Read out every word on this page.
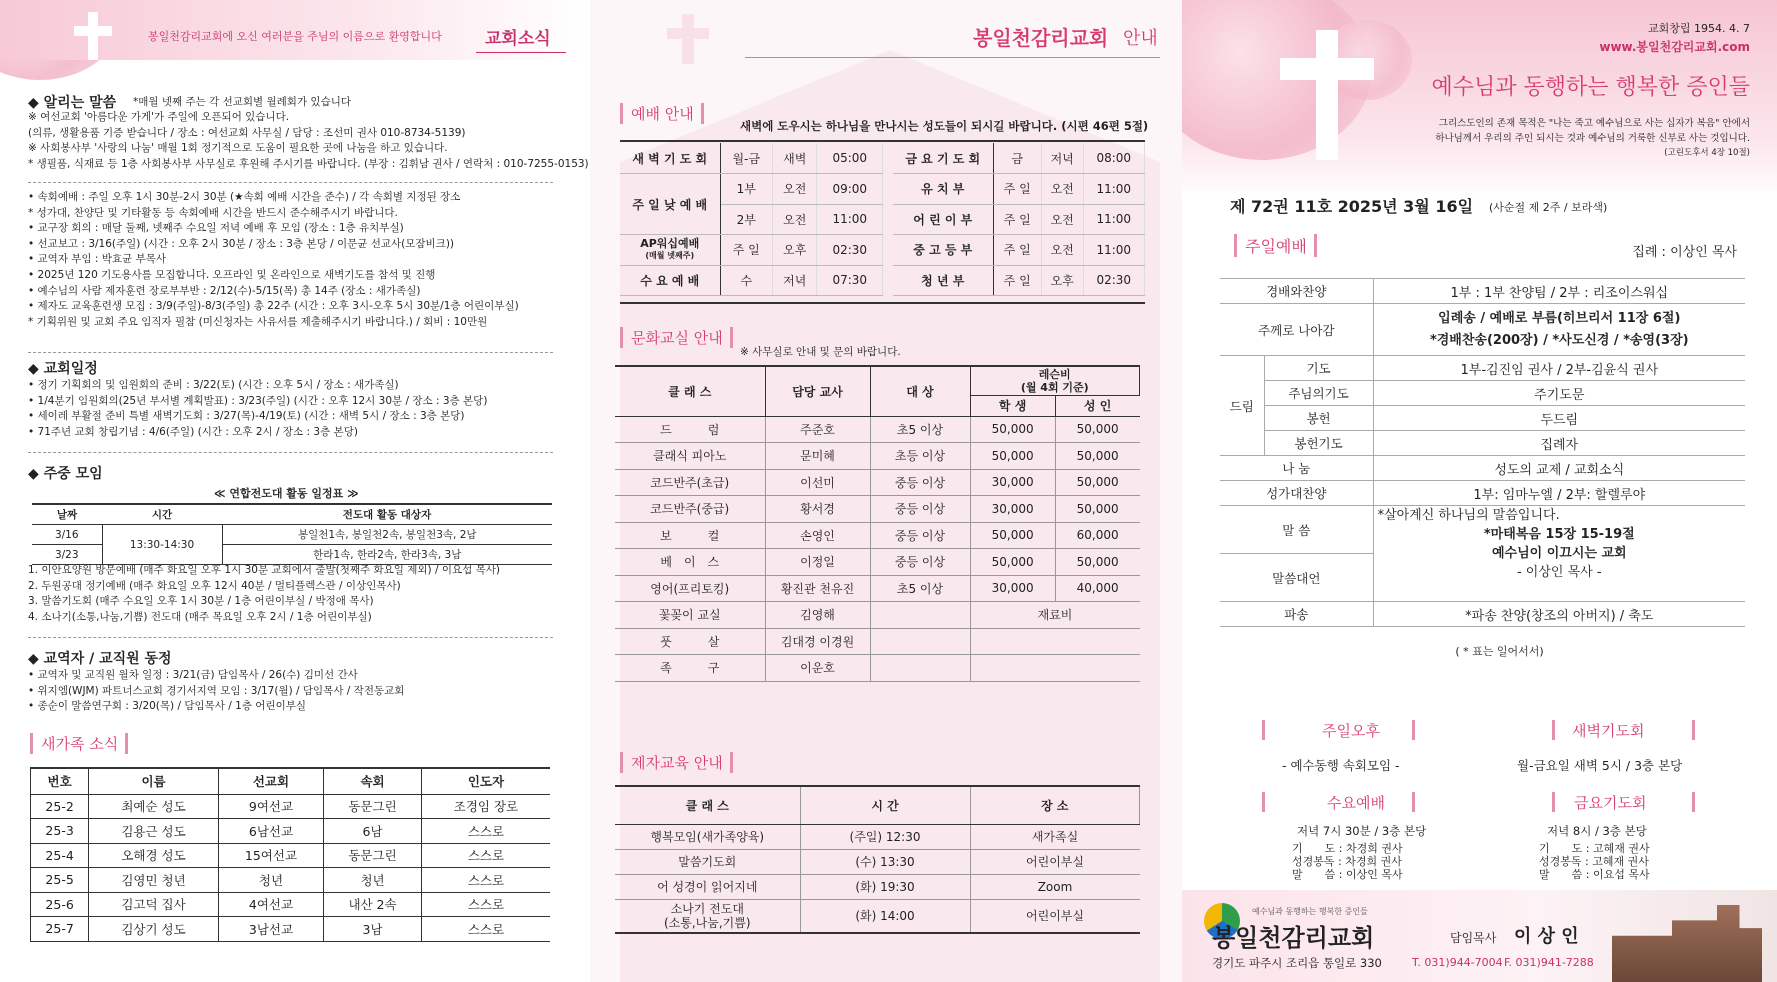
봉일천감리교회에 오신 여러분을 주님의 이름으로 환영합니다	교회소식
◆ 알리는 말씀 *매월 넷째 주는 각 선교회별 월례회가 있습니다
※ 여선교회 '아름다운 가게'가 주일에 오픈되어 있습니다.
(의류, 생활용품 기증 받습니다 / 장소 : 여선교회 사무실 / 담당 : 조선미 권사 010-8734-5139)
※ 사회봉사부 '사랑의 나눔' 매월 1회 정기적으로 도움이 필요한 곳에 나눔을 하고 있습니다.
* 생필품, 식재료 등 1층 사회봉사부 사무실로 후원해 주시기를 바랍니다. (부장 : 김휘남 권사 / 연락처 : 010-7255-0153)
• 속회예배 : 주일 오후 1시 30분-2시 30분 (★속회 예배 시간을 준수) / 각 속회별 지정된 장소
* 성가대, 찬양단 및 기타활동 등 속회예배 시간을 반드시 준수해주시기 바랍니다.
• 교구장 회의 : 매달 둘째, 넷째주 수요일 저녁 예배 후 모임 (장소 : 1층 유치부실)
• 선교보고 : 3/16(주일) (시간 : 오후 2시 30분 / 장소 : 3층 본당 / 이문균 선교사(모잠비크))
• 교역자 부임 : 박효균 부목사
• 2025년 120 기도용사를 모집합니다. 오프라인 및 온라인으로 새벽기도를 참석 및 진행
• 예수님의 사람 제자훈련 장로부부반 : 2/12(수)-5/15(목) 총 14주 (장소 : 새가족실)
• 제자도 교육훈련생 모집 : 3/9(주일)-8/3(주일) 총 22주 (시간 : 오후 3시-오후 5시 30분/1층 어린이부실)
* 기획위원 및 교회 주요 임직자 필참 (미신청자는 사유서를 제출해주시기 바랍니다.) / 회비 : 10만원
◆ 교회일정
• 정기 기획회의 및 임원회의 준비 : 3/22(토) (시간 : 오후 5시 / 장소 : 새가족실)
• 1/4분기 임원회의(25년 부서별 계획발표) : 3/23(주일) (시간 : 오후 12시 30분 / 장소 : 3층 본당)
• 세이레 부활절 준비 특별 새벽기도회 : 3/27(목)-4/19(토) (시간 : 새벽 5시 / 장소 : 3층 본당)
• 71주년 교회 창립기념 : 4/6(주일) (시간 : 오후 2시 / 장소 : 3층 본당)
◆ 주중 모임
≪ 연합전도대 활동 일정표 ≫
날짜	시간	전도대 활동 대상자
3/16	13:30-14:30	봉일천1속, 봉일천2속, 봉일천3속, 2남
3/23		한라1속, 한라2속, 한라3속, 3남
1. 이안요양원 방문예배 (매주 화요일 오후 1시 30분 교회에서 출발(첫째주 화요일 제외) / 이요섭 목사)
2. 두원공대 정기예배 (매주 화요일 오후 12시 40분 / 멀티플렉스관 / 이상인목사)
3. 말씀기도회 (매주 수요일 오후 1시 30분 / 1층 어린이부실 / 박정애 목사)
4. 소나기(소통,나눔,기쁨) 전도대 (매주 목요일 오후 2시 / 1층 어린이부실)
◆ 교역자 / 교직원 동정
• 교역자 및 교직원 월차 일정 : 3/21(금) 담임목사 / 26(수) 김미선 간사
• 위지엠(WJM) 파트너스교회 경기서지역 모임 : 3/17(월) / 담임목사 / 작전동교회
• 종순이 말씀연구회 : 3/20(목) / 담임목사 / 1층 어린이부실
새가족 소식
번호	이름	선교회	속회	인도자
25-2	최예순 성도	9여선교	동문그린	조경임 장로
25-3	김용근 성도	6남선교	6남	스스로
25-4	오해경 성도	15여선교	동문그린	스스로
25-5	김영민 청년	청년	청년	스스로
25-6	김고덕 집사	4여선교	내산 2속	스스로
25-7	김상기 성도	3남선교	3남	스스로
봉일천감리교회 안내
예배 안내
새벽에 도우시는 하나님을 만나시는 성도들이 되시길 바랍니다. (시편 46편 5절)
새 벽 기 도 회	월-금	새벽	05:00
주 일 낮 예 배	1부	오전	09:00
	2부	오전	11:00
AP워십예배
(매월 넷째주)	주 일	오후	02:30
수 요 예 배	수	저녁	07:30
금 요 기 도 회	금	저녁	08:00
유 치 부	주 일	오전	11:00
어 린 이 부	주 일	오전	11:00
중 고 등 부	주 일	오전	11:00
청 년 부	주 일	오후	02:30
문화교실 안내
※ 사무실로 안내 및 문의 바랍니다.
클 래 스	담당 교사	대 상	레슨비
(월 4회 기준)	

			학 생	성 인
드　　　럼	주준호	초5 이상	50,000	50,000
클래식 피아노	문미혜	초등 이상	50,000	50,000
코드반주(초급)	이선미	중등 이상	30,000	50,000
코드반주(중급)	황서경	중등 이상	30,000	50,000
보　　　컬	손영인	중등 이상	50,000	60,000
베　이　스	이정일	중등 이상	50,000	50,000
영어(프리토킹)	황진관 천유진	초5 이상	30,000	40,000
꽃꽂이 교실	김영해		재료비	
풋　　　살	김대경 이경원			
족　　　구	이운호			
제자교육 안내
클 래 스	시 간	장 소
행복모임(새가족양육)	(주일) 12:30	새가족실
말씀기도회	(수) 13:30	어린이부실
어 성경이 읽어지네	(화) 19:30	Zoom
소나기 전도대
(소통,나눔,기쁨)	(화) 14:00	어린이부실
교회창립 1954. 4. 7
www.봉일천감리교회.com
예수님과 동행하는 행복한 증인들
그리스도인의 존재 목적은 "나는 죽고 예수님으로 사는 십자가 복음" 안에서
하나님께서 우리의 주인 되시는 것과 예수님의 거룩한 신부로 사는 것입니다.
(고린도후서 4장 10절)
제 72권 11호 2025년 3월 16일 (사순절 제 2주 / 보라색)
주일예배	집례 : 이상인 목사
경배와찬양		1부 : 1부 찬양팀 / 2부 : 리조이스워십
주께로 나아감		입례송 / 예배로 부름(히브리서 11장 6절)
*경배찬송(200장) / *사도신경 / *송영(3장)

드림	기도	1부-김진임 권사 / 2부-김윤식 권사
	주님의기도	주기도문
	봉헌	두드림
	봉헌기도	집례자
나 눔		성도의 교제 / 교회소식
성가대찬양		1부: 임마누엘 / 2부: 할렐루야
말 씀		*살아계신 하나님의 말씀입니다.
*마태복음 15장 15-19절
예수님이 이끄시는 교회
- 이상인 목사 -

말씀대언		
파송		*파송 찬양(창조의 아버지) / 축도
( * 표는 일어서서)
주일오후
- 예수동행 속회모임 -
새벽기도회
월-금요일 새벽 5시 / 3층 본당
수요예배
저녁 7시 30분 / 3층 본당
기　　도 : 차경희 권사
성경봉독 : 차경희 권사
말　　씀 : 이상인 목사
금요기도회
저녁 8시 / 3층 본당
기　　도 : 고혜재 권사
성경봉독 : 고혜재 권사
말　　씀 : 이요섭 목사
예수님과 동행하는 행복한 증인들
봉일천감리교회	담임목사 이 상 인
경기도 파주시 조리읍 통일로 330	T. 031)944-7004 F. 031)941-7288
